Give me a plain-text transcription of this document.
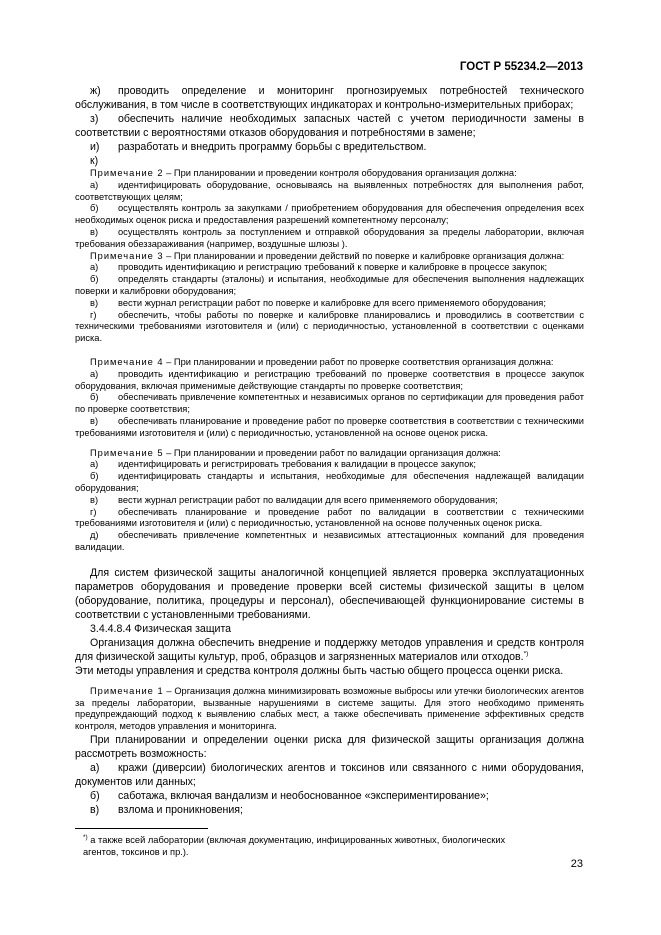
ГОСТ Р 55234.2—2013
ж) проводить определение и мониторинг прогнозируемых потребностей технического обслуживания, в том числе в соответствующих индикаторах и контрольно-измерительных приборах;
з) обеспечить наличие необходимых запасных частей с учетом периодичности замены в соответствии с вероятностями отказов оборудования и потребностями в замене;
и) разработать и внедрить программу борьбы с вредительством.
к)
Примечание 2 – При планировании и проведении контроля оборудования организация должна:
а) идентифицировать оборудование, основываясь на выявленных потребностях для выполнения работ, соответствующих целям;
б) осуществлять контроль за закупками / приобретением оборудования для обеспечения определения всех необходимых оценок риска и предоставления разрешений компетентному персоналу;
в) осуществлять контроль за поступлением и отправкой оборудования за пределы лаборатории, включая требования обеззараживания (например, воздушные шлюзы ).
Примечание 3 – При планировании и проведении действий по поверке и калибровке организация должна:
а) проводить идентификацию и регистрацию требований к поверке и калибровке в процессе закупок;
б) определять стандарты (эталоны) и испытания, необходимые для обеспечения выполнения надлежащих поверки и калибровки оборудования;
в) вести журнал регистрации работ по поверке и калибровке для всего применяемого оборудования;
г) обеспечить, чтобы работы по поверке и калибровке планировались и проводились в соответствии с техническими требованиями изготовителя и (или) с периодичностью, установленной в соответствии с оценками риска.
Примечание 4 – При планировании и проведении работ по проверке соответствия организация должна:
а) проводить идентификацию и регистрацию требований по проверке соответствия в процессе закупок оборудования, включая применимые действующие стандарты по проверке соответствия;
б) обеспечивать привлечение компетентных и независимых органов по сертификации для проведения работ по проверке соответствия;
в) обеспечивать планирование и проведение работ по проверке соответствия в соответствии с техническими требованиями изготовителя и (или) с периодичностью, установленной на основе оценок риска.
Примечание 5 – При планировании и проведении работ по валидации организация должна:
а) идентифицировать и регистрировать требования к валидации в процессе закупок;
б) идентифицировать стандарты и испытания, необходимые для обеспечения надлежащей валидации оборудования;
в) вести журнал регистрации работ по валидации для всего применяемого оборудования;
г) обеспечивать планирование и проведение работ по валидации в соответствии с техническими требованиями изготовителя и (или) с периодичностью, установленной на основе полученных оценок риска.
д) обеспечивать привлечение компетентных и независимых аттестационных компаний для проведения валидации.
Для систем физической защиты аналогичной концепцией является проверка эксплуатационных параметров оборудования и проведение проверки всей системы физической защиты в целом (оборудование, политика, процедуры и персонал), обеспечивающей функционирование системы в соответствии с установленными требованиями.
3.4.4.8.4 Физическая защита
Организация должна обеспечить внедрение и поддержку методов управления и средств контроля для физической защиты культур, проб, образцов и загрязненных материалов или отходов.*)
Эти методы управления и средства контроля должны быть частью общего процесса оценки риска.
Примечание 1 – Организация должна минимизировать возможные выбросы или утечки биологических агентов за пределы лаборатории, вызванные нарушениями в системе защиты. Для этого необходимо применять предупреждающий подход к выявлению слабых мест, а также обеспечивать применение эффективных средств контроля, методов управления и мониторинга.
При планировании и определении оценки риска для физической защиты организация должна рассмотреть возможность:
а) кражи (диверсии) биологических агентов и токсинов или связанного с ними оборудования, документов или данных;
б) саботажа, включая вандализм и необоснованное «экспериментирование»;
в) взлома и проникновения;
*) а также всей лаборатории (включая документацию, инфицированных животных, биологических агентов, токсинов и пр.).
23
